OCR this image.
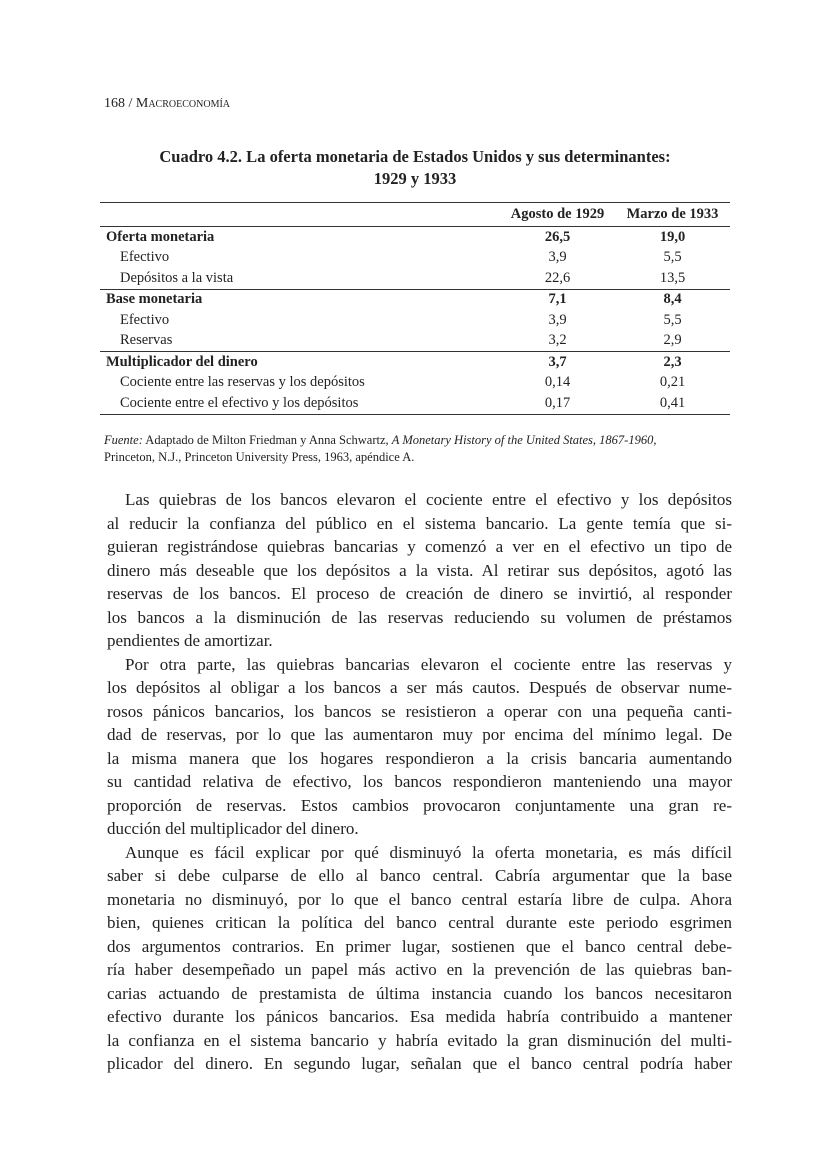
168 / Macroeconomía
Cuadro 4.2. La oferta monetaria de Estados Unidos y sus determinantes:
1929 y 1933
	Agosto de 1929	Marzo de 1933
Oferta monetaria	26,5	19,0
Efectivo	3,9	5,5
Depósitos a la vista	22,6	13,5
Base monetaria	7,1	8,4
Efectivo	3,9	5,5
Reservas	3,2	2,9
Multiplicador del dinero	3,7	2,3
Cociente entre las reservas y los depósitos	0,14	0,21
Cociente entre el efectivo y los depósitos	0,17	0,41
Fuente: Adaptado de Milton Friedman y Anna Schwartz, A Monetary History of the United States, 1867-1960,
Princeton, N.J., Princeton University Press, 1963, apéndice A.
Las quiebras de los bancos elevaron el cociente entre el efectivo y los depósitos
al reducir la confianza del público en el sistema bancario. La gente temía que si-
guieran registrándose quiebras bancarias y comenzó a ver en el efectivo un tipo de
dinero más deseable que los depósitos a la vista. Al retirar sus depósitos, agotó las
reservas de los bancos. El proceso de creación de dinero se invirtió, al responder
los bancos a la disminución de las reservas reduciendo su volumen de préstamos
pendientes de amortizar.
Por otra parte, las quiebras bancarias elevaron el cociente entre las reservas y
los depósitos al obligar a los bancos a ser más cautos. Después de observar nume-
rosos pánicos bancarios, los bancos se resistieron a operar con una pequeña canti-
dad de reservas, por lo que las aumentaron muy por encima del mínimo legal. De
la misma manera que los hogares respondieron a la crisis bancaria aumentando
su cantidad relativa de efectivo, los bancos respondieron manteniendo una mayor
proporción de reservas. Estos cambios provocaron conjuntamente una gran re-
ducción del multiplicador del dinero.
Aunque es fácil explicar por qué disminuyó la oferta monetaria, es más difícil
saber si debe culparse de ello al banco central. Cabría argumentar que la base
monetaria no disminuyó, por lo que el banco central estaría libre de culpa. Ahora
bien, quienes critican la política del banco central durante este periodo esgrimen
dos argumentos contrarios. En primer lugar, sostienen que el banco central debe-
ría haber desempeñado un papel más activo en la prevención de las quiebras ban-
carias actuando de prestamista de última instancia cuando los bancos necesitaron
efectivo durante los pánicos bancarios. Esa medida habría contribuido a mantener
la confianza en el sistema bancario y habría evitado la gran disminución del multi-
plicador del dinero. En segundo lugar, señalan que el banco central podría haber
